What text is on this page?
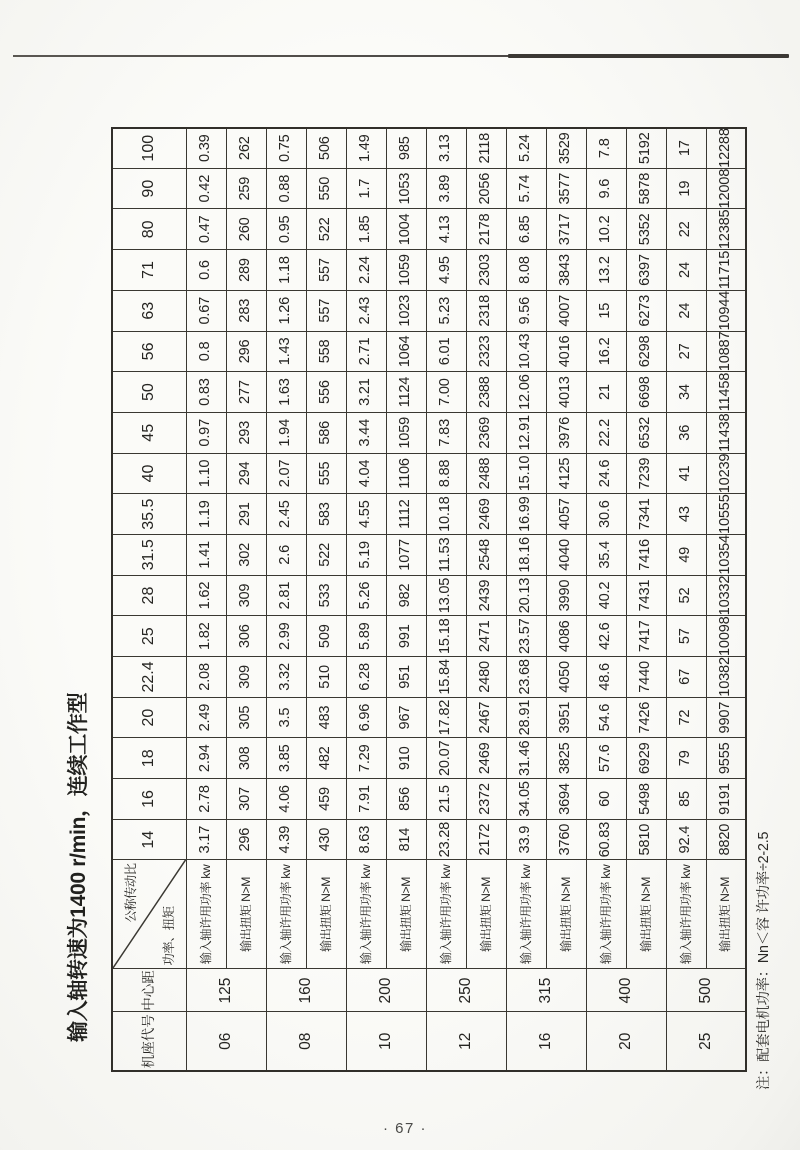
输入轴转速为1400 r/min，连续工作型	机座代号	中心距	公称传动比
功率、扭矩	14	16	18	20	22.4	25	28	31.5	35.5	40	45	50	56	63	71	80	90	100
06	125	输入轴许用功率 kw	3.17	2.78	2.94	2.49	2.08	1.82	1.62	1.41	1.19	1.10	0.97	0.83	0.8	0.67	0.6	0.47	0.42	0.39
		输出扭矩 N>M	296	307	308	305	309	306	309	302	291	294	293	277	296	283	289	260	259	262
08	160	输入轴许用功率 kw	4.39	4.06	3.85	3.5	3.32	2.99	2.81	2.6	2.45	2.07	1.94	1.63	1.43	1.26	1.18	0.95	0.88	0.75
		输出扭矩 N>M	430	459	482	483	510	509	533	522	583	555	586	556	558	557	557	522	550	506
10	200	输入轴许用功率 kw	8.63	7.91	7.29	6.96	6.28	5.89	5.26	5.19	4.55	4.04	3.44	3.21	2.71	2.43	2.24	1.85	1.7	1.49
		输出扭矩 N>M	814	856	910	967	951	991	982	1077	1112	1106	1059	1124	1064	1023	1059	1004	1053	985
12	250	输入轴许用功率 kw	23.28	21.5	20.07	17.82	15.84	15.18	13.05	11.53	10.18	8.88	7.83	7.00	6.01	5.23	4.95	4.13	3.89	3.13
		输出扭矩 N>M	2172	2372	2469	2467	2480	2471	2439	2548	2469	2488	2369	2388	2323	2318	2303	2178	2056	2118
16	315	输入轴许用功率 kw	33.9	34.05	31.46	28.91	23.68	23.57	20.13	18.16	16.99	15.10	12.91	12.06	10.43	9.56	8.08	6.85	5.74	5.24
		输出扭矩 N>M	3760	3694	3825	3951	4050	4086	3990	4040	4057	4125	3976	4013	4016	4007	3843	3717	3577	3529
20	400	输入轴许用功率 kw	60.83	60	57.6	54.6	48.6	42.6	40.2	35.4	30.6	24.6	22.2	21	16.2	15	13.2	10.2	9.6	7.8
		输出扭矩 N>M	5810	5498	6929	7426	7440	7417	7431	7416	7341	7239	6532	6698	6298	6273	6397	5352	5878	5192
25	500	输入轴许用功率 kw	92.4	85	79	72	67	57	52	49	43	41	36	34	27	24	24	22	19	17
		输出扭矩 N>M	8820	9191	9555	9907	10382	10098	10332	10354	10555	10239	11438	11458	10887	10944	11715	12385	12008	12288
注：配套电机功率：Nn＜容 许功率÷2-2.5
· 67 ·
